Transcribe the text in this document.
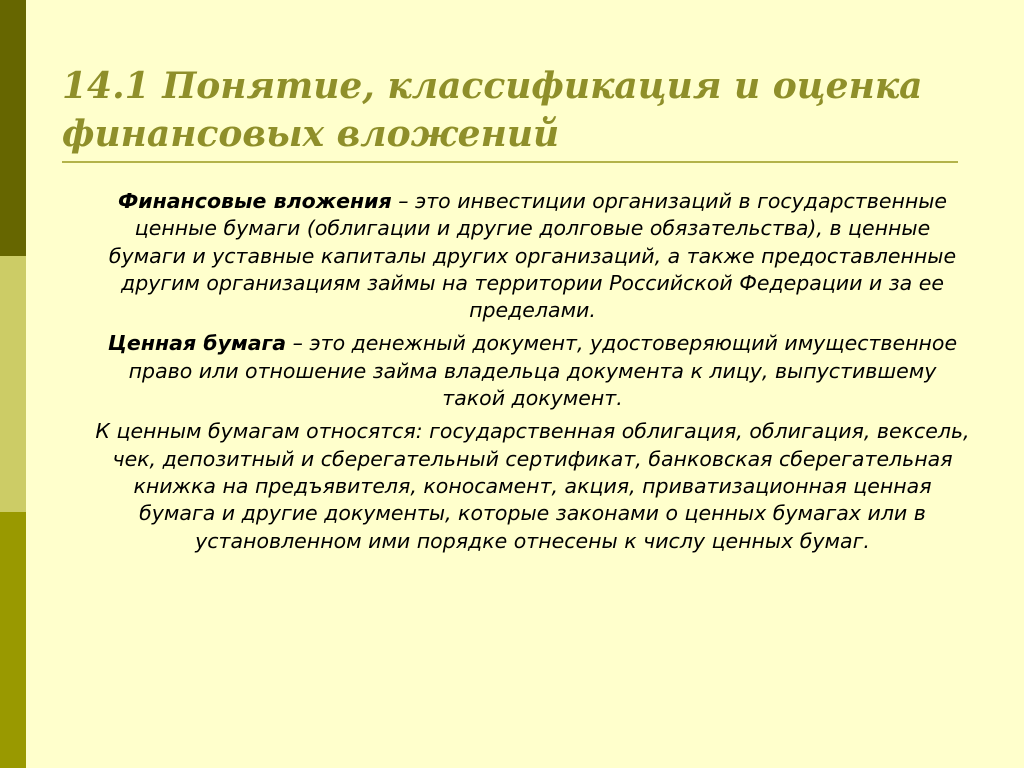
14.1 Понятие, классификация и оценка финансовых вложений

Финансовые вложения – это инвестиции организаций в государственные ценные бумаги (облигации и другие долговые обязательства), в ценные бумаги и уставные капиталы других организаций, а также предоставленные другим организациям займы на территории Российской Федерации и за ее пределами.

Ценная бумага – это денежный документ, удостоверяющий имущественное право или отношение займа владельца документа к лицу, выпустившему такой документ.

К ценным бумагам относятся: государственная облигация, облигация, вексель, чек, депозитный и сберегательный сертификат, банковская сберегательная книжка на предъявителя, коносамент, акция, приватизационная ценная бумага и другие документы, которые законами о ценных бумагах или в установленном ими порядке отнесены к числу ценных бумаг.
